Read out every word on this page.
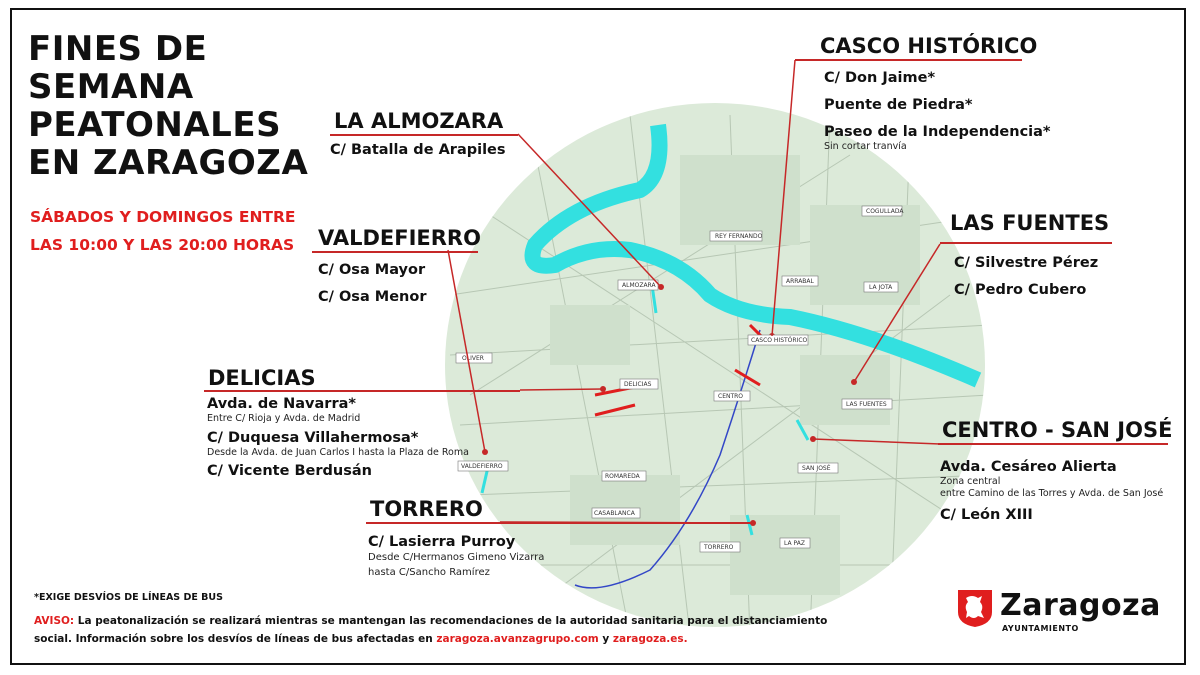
FINES DE
SEMANA
PEATONALES
EN ZARAGOZA
SÁBADOS Y DOMINGOS ENTRE
LAS 10:00 Y LAS 20:00 HORAS	REY FERNANDO
COGULLADA
ARRABAL
LA JOTA
ALMOZARA
CASCO HISTÓRICO
OLIVER
DELICIAS
CENTRO
LAS FUENTES
SAN JOSÉ
VALDEFIERRO
ROMAREDA
CASABLANCA
TORRERO
LA PAZ
CASCO HISTÓRICO
C/ Don Jaime*
Puente de Piedra*
Paseo de la Independencia*
Sin cortar tranvía
LA ALMOZARA
C/ Batalla de Arapiles
LAS FUENTES
C/ Silvestre Pérez
C/ Pedro Cubero
VALDEFIERRO
C/ Osa Mayor
C/ Osa Menor
DELICIAS
Avda. de Navarra*
Entre C/ Rioja y Avda. de Madrid
C/ Duquesa Villahermosa*
Desde la Avda. de Juan Carlos I hasta la Plaza de Roma
C/ Vicente Berdusán
CENTRO - SAN JOSÉ
Avda. Cesáreo Alierta
Zona central
entre Camino de las Torres y Avda. de San José
C/ León XIII
TORRERO
C/ Lasierra Purroy
Desde C/Hermanos Gimeno Vizarra
hasta C/Sancho Ramírez
*EXIGE DESVÍOS DE LÍNEAS DE BUS
AVISO: La peatonalización se realizará mientras se mantengan las recomendaciones de la autoridad sanitaria para el distanciamiento
social. Información sobre los desvíos de líneas de bus afectadas en zaragoza.avanzagrupo.com y zaragoza.es.
Zaragoza
AYUNTAMIENTO
